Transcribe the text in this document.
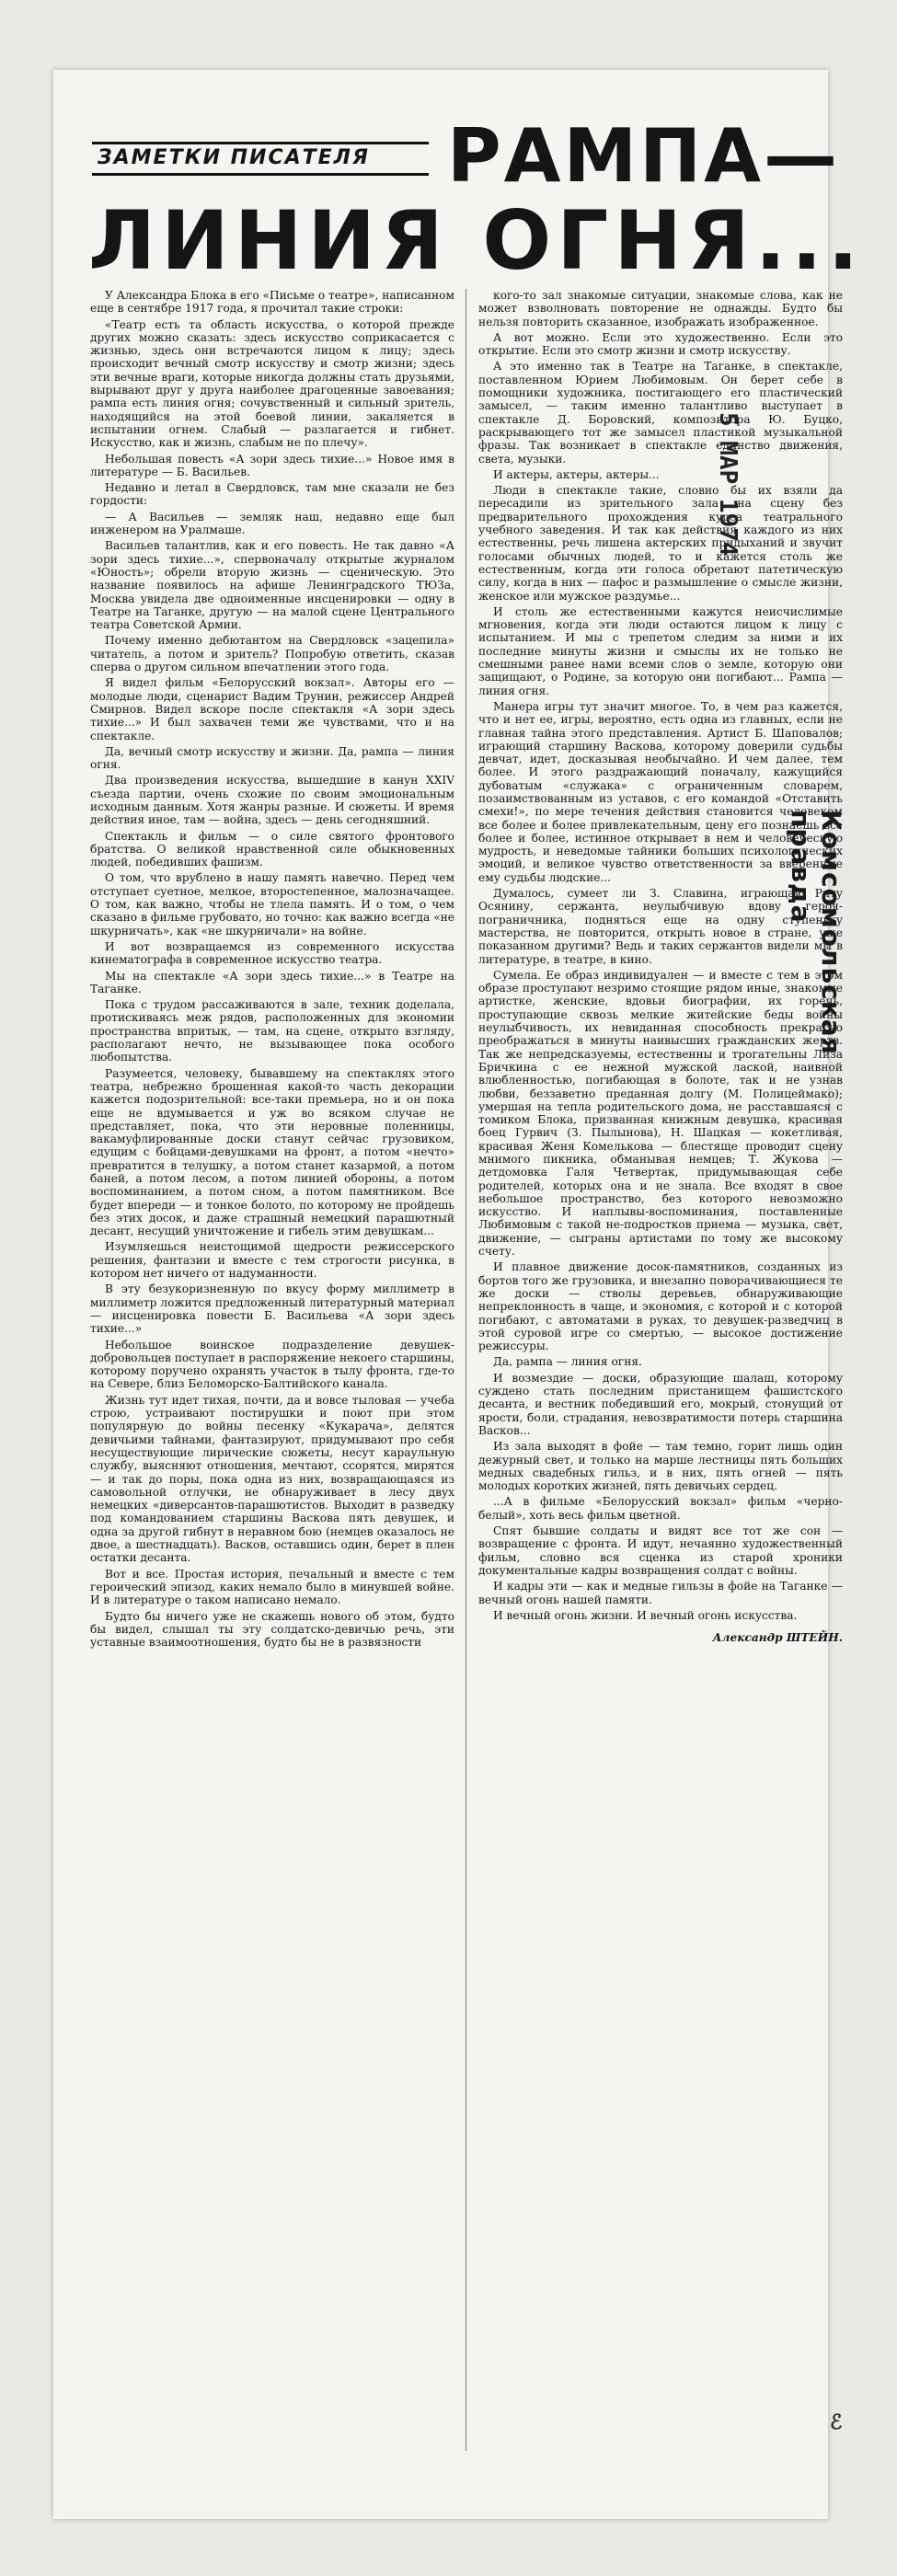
ЗАМЕТКИ ПИСАТЕЛЯ	РАМПА—
ЛИНИЯ ОГНЯ...

У Александра Блока в его «Письме о театре», написанном еще в сентябре 1917 года, я прочитал такие строки:

«Театр есть та область искусства, о которой прежде других можно сказать: здесь искусство соприкасается с жизнью, здесь они встречаются лицом к лицу; здесь происходит вечный смотр искусству и смотр жизни; здесь эти вечные враги, которые никогда должны стать друзьями, вырывают друг у друга наиболее драгоценные завоевания; рампа есть линия огня; сочувственный и сильный зритель, находящийся на этой боевой линии, закаляется в испытании огнем. Слабый — разлагается и гибнет. Искусство, как и жизнь, слабым не по плечу».

Небольшая повесть «А зори здесь тихие...» Новое имя в литературе — Б. Васильев.

Недавно и летал в Свердловск, там мне сказали не без гордости:

— А Васильев — земляк наш, недавно еще был инженером на Уралмаше.

Васильев талантлив, как и его повесть. Не так давно «А зори здесь тихие...», спервоначалу открытые журналом «Юность»; обрели вторую жизнь — сценическую. Это название появилось на афише Ленинградского ТЮЗа, Москва увидела две одноименные инсценировки — одну в Театре на Таганке, другую — на малой сцене Центрального театра Советской Армии.

Почему именно дебютантом на Свердловск «зацепила» читатель, а потом и зритель? Попробую ответить, сказав сперва о другом сильном впечатлении этого года.

Я видел фильм «Белорусский вокзал». Авторы его — молодые люди, сценарист Вадим Трунин, режиссер Андрей Смирнов. Видел вскоре после спектакля «А зори здесь тихие...» И был захвачен теми же чувствами, что и на спектакле.

Да, вечный смотр искусству и жизни. Да, рампа — линия огня.

Два произведения искусства, вышедшие в канун XXIV съезда партии, очень схожие по своим эмоциональным исходным данным. Хотя жанры разные. И сюжеты. И время действия иное, там — война, здесь — день сегодняшний.

Спектакль и фильм — о силе святого фронтового братства. О великой нравственной силе обыкновенных людей, победивших фашизм.

О том, что врублено в нашу память навечно. Перед чем отступает суетное, мелкое, второстепенное, малозначащее. О том, как важно, чтобы не тлела память. И о том, о чем сказано в фильме грубовато, но точно: как важно всегда «не шкурничать», как «не шкурничали» на войне.

И вот возвращаемся из современного искусства кинематографа в современное искусство театра.

Мы на спектакле «А зори здесь тихие...» в Театре на Таганке.

Пока с трудом рассаживаются в зале, техник доделала, протискиваясь меж рядов, расположенных для экономии пространства впритык, — там, на сцене, открыто взгляду, располагают нечто, не вызывающее пока особого любопытства.

Разумеется, человеку, бывавшему на спектаклях этого театра, небрежно брошенная какой-то часть декорации кажется подозрительной: все-таки премьера, но и он пока еще не вдумывается и уж во всяком случае не представляет, пока, что эти неровные поленницы, вакамуфлированные доски станут сейчас грузовиком, едущим с бойцами-девушками на фронт, а потом «нечто» превратится в телушку, а потом станет казармой, а потом баней, а потом лесом, а потом линией обороны, а потом воспоминанием, а потом сном, а потом памятником. Все будет впереди — и тонкое болото, по которому не пройдешь без этих досок, и даже страшный немецкий парашютный десант, несущий уничтожение и гибель этим девушкам...

Изумляешься неистощимой щедрости режиссерского решения, фантазии и вместе с тем строгости рисунка, в котором нет ничего от надуманности.

В эту безукоризненную по вкусу форму миллиметр в миллиметр ложится предложенный литературный материал — инсценировка повести Б. Васильева «А зори здесь тихие...»

Небольшое воинское подразделение девушек-добровольцев поступает в распоряжение некоего старшины, которому поручено охранять участок в тылу фронта, где-то на Севере, близ Беломорско-Балтийского канала.

Жизнь тут идет тихая, почти, да и вовсе тыловая — учеба строю, устраивают постирушки и поют при этом популярную до войны песенку «Кукарача», делятся девичьими тайнами, фантазируют, придумывают про себя несуществующие лирические сюжеты, несут караульную службу, выясняют отношения, мечтают, ссорятся, мирятся — и так до поры, пока одна из них, возвращающаяся из самовольной отлучки, не обнаруживает в лесу двух немецких «диверсантов-парашютистов. Выходит в разведку под командованием старшины Васкова пять девушек, и одна за другой гибнут в неравном бою (немцев оказалось не двое, а шестнадцать). Васков, оставшись один, берет в плен остатки десанта.

Вот и все. Простая история, печальный и вместе с тем героический эпизод, каких немало было в минувшей войне. И в литературе о таком написано немало.

Будто бы ничего уже не скажешь нового об этом, будто бы видел, слышал ты эту солдатско-девичью речь, эти уставные взаимоотношения, будто бы не в развязности

кого-то зал знакомые ситуации, знакомые слова, как не может взволновать повторение не однажды. Будто бы нельзя повторить сказанное, изображать изображенное.

А вот можно. Если это художественно. Если это открытие. Если это смотр жизни и смотр искусству.

А это именно так в Театре на Таганке, в спектакле, поставленном Юрием Любимовым. Он берет себе в помощники художника, постигающего его пластический замысел, — таким именно талантливо выступает в спектакле Д. Боровский, композитора Ю. Буцко, раскрывающего тот же замысел пластикой музыкальной фразы. Так возникает в спектакле единство движения, света, музыки.

И актеры, актеры, актеры...

Люди в спектакле такие, словно бы их взяли да пересадили из зрительного зала на сцену без предварительного прохождения курса театрального учебного заведения. И так как действия каждого из них естественны, речь лишена актерских придыханий и звучит голосами обычных людей, то и кажется столь же естественным, когда эти голоса обретают патетическую силу, когда в них — пафос и размышление о смысле жизни, женское или мужское раздумье...

И столь же естественными кажутся неисчислимые мгновения, когда эти люди остаются лицом к лицу с испытанием. И мы с трепетом следим за ними и их последние минуты жизни и смыслы их не только не смешными ранее нами всеми слов о земле, которую они защищают, о Родине, за которую они погибают... Рампа — линия огня.

Манера игры тут значит многое. То, в чем раз кажется, что и нет ее, игры, вероятно, есть одна из главных, если не главная тайна этого представления. Артист Б. Шаповалов; играющий старшину Васкова, которому доверили судьбы девчат, идет, досказывая необычайно. И чем далее, тем более. И этого раздражающий поначалу, кажущийся дубоватым «служака» с ограниченным словарем, позаимствованным из уставов, с его командой «Отставить смехи!», по мере течения действия становится человеком все более и более привлекательным, цену его познаешь все более и более, истинное открывает в нем и человеческую мудрость, и неведомые тайники больших психологических эмоций, и великое чувство ответственности за вверенные ему судьбы людские...

Думалось, сумеет ли З. Славина, играющая Риту Осянину, сержанта, неулыбчивую вдову героя-пограничника, подняться еще на одну ступеньку мастерства, не повторится, открыть новое в стране, уже показанном другими? Ведь и таких сержантов видели мы в литературе, в театре, в кино.

Сумела. Ее образ индивидуален — и вместе с тем в этом образе проступают незримо стоящие рядом иные, знакомые артистке, женские, вдовьи биографии, их горечь, проступающие сквозь мелкие житейские беды войны неулыбчивость, их невиданная способность прекрасно преображаться в минуты наивысших гражданских жертв. Так же непредсказуемы, естественны и трогательны Лиза Бричкина с ее нежной мужской лаской, наивной влюбленностью, погибающая в болоте, так и не узнав любви, беззаветно преданная долгу (М. Полицеймако); умершая на тепла родительского дома, не расставшаяся с томиком Блока, призванная книжным девушка, красивая боец Гурвич (З. Пылынова), Н. Шацкая — кокетливая, красивая Женя Комелькова — блестяще проводит сцену мнимого пикника, обманывая немцев; Т. Жукова — детдомовка Галя Четвертак, придумывающая себе родителей, которых она и не знала. Все входят в свое небольшое пространство, без которого невозможно искусство. И наплывы-воспоминания, поставленные Любимовым с такой не-подростков приема — музыка, свет, движение, — сыграны артистами по тому же высокому счету.

И плавное движение досок-памятников, созданных из бортов того же грузовика, и внезапно поворачивающиеся те же доски — стволы деревьев, обнаруживающие непреклонность в чаще, и экономия, с которой и с которой погибают, с автоматами в руках, то девушек-разведчиц в этой суровой игре со смертью, — высокое достижение режиссуры.

Да, рампа — линия огня.

И возмездие — доски, образующие шалаш, которому суждено стать последним пристанищем фашистского десанта, и вестник победивший его, мокрый, стонущий от ярости, боли, страдания, невозвратимости потерь старшина Васков...

Из зала выходят в фойе — там темно, горит лишь один дежурный свет, и только на марше лестницы пять больших медных свадебных гильз, и в них, пять огней — пять молодых коротких жизней, пять девичьих сердец.

...А в фильме «Белорусский вокзал» фильм «черно-белый», хоть весь фильм цветной.

Спят бывшие солдаты и видят все тот же сон — возвращение с фронта. И идут, нечаянно художественный фильм, словно вся сценка из старой хроники документальные кадры возвращения солдат с войны.

И кадры эти — как и медные гильзы в фойе на Таганке — вечный огонь нашей памяти.

И вечный огонь жизни. И вечный огонь искусства.

Александр ШТЕЙН.

5 МАР 1974
Комсомольская правда
ℰ
